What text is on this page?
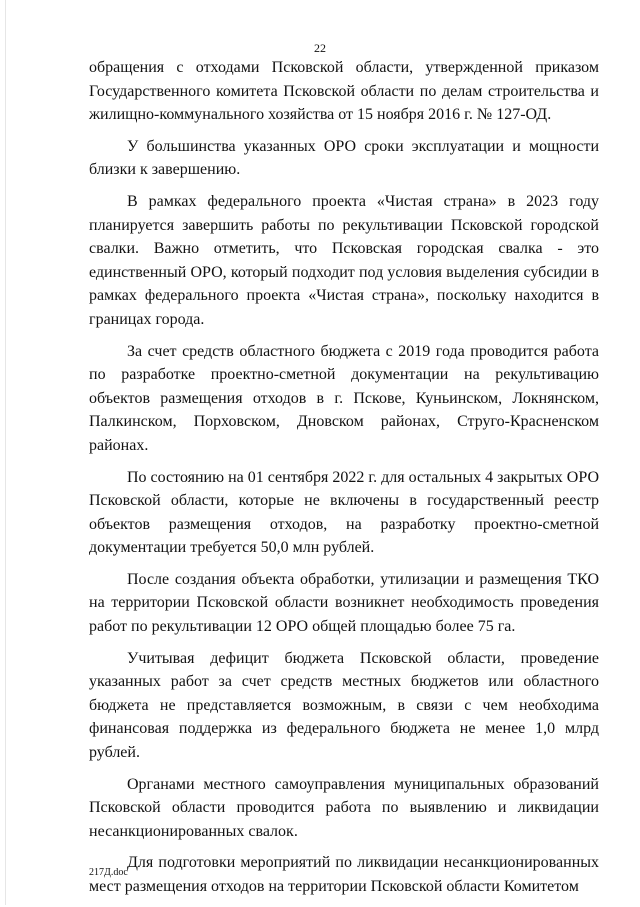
22

обращения с отходами Псковской области, утвержденной приказом Государственного комитета Псковской области по делам строительства и жилищно-коммунального хозяйства от 15 ноября 2016 г. № 127-ОД.

У большинства указанных ОРО сроки эксплуатации и мощности близки к завершению.

В рамках федерального проекта «Чистая страна» в 2023 году планируется завершить работы по рекультивации Псковской городской свалки. Важно отметить, что Псковская городская свалка - это единственный ОРО, который подходит под условия выделения субсидии в рамках федерального проекта «Чистая страна», поскольку находится в границах города.

За счет средств областного бюджета с 2019 года проводится работа по разработке проектно-сметной документации на рекультивацию объектов размещения отходов в г. Пскове, Куньинском, Локнянском, Палкинском, Порховском, Дновском районах, Струго-Красненском районах.

По состоянию на 01 сентября 2022 г. для остальных 4 закрытых ОРО Псковской области, которые не включены в государственный реестр объектов размещения отходов, на разработку проектно-сметной документации требуется 50,0 млн рублей.

После создания объекта обработки, утилизации и размещения ТКО на территории Псковской области возникнет необходимость проведения работ по рекультивации 12 ОРО общей площадью более 75 га.

Учитывая дефицит бюджета Псковской области, проведение указанных работ за счет средств местных бюджетов или областного бюджета не представляется возможным, в связи с чем необходима финансовая поддержка из федерального бюджета не менее 1,0 млрд рублей.

Органами местного самоуправления муниципальных образований Псковской области проводится работа по выявлению и ликвидации несанкционированных свалок.

Для подготовки мероприятий по ликвидации несанкционированных мест размещения отходов на территории Псковской области Комитетом

217Д.doc
